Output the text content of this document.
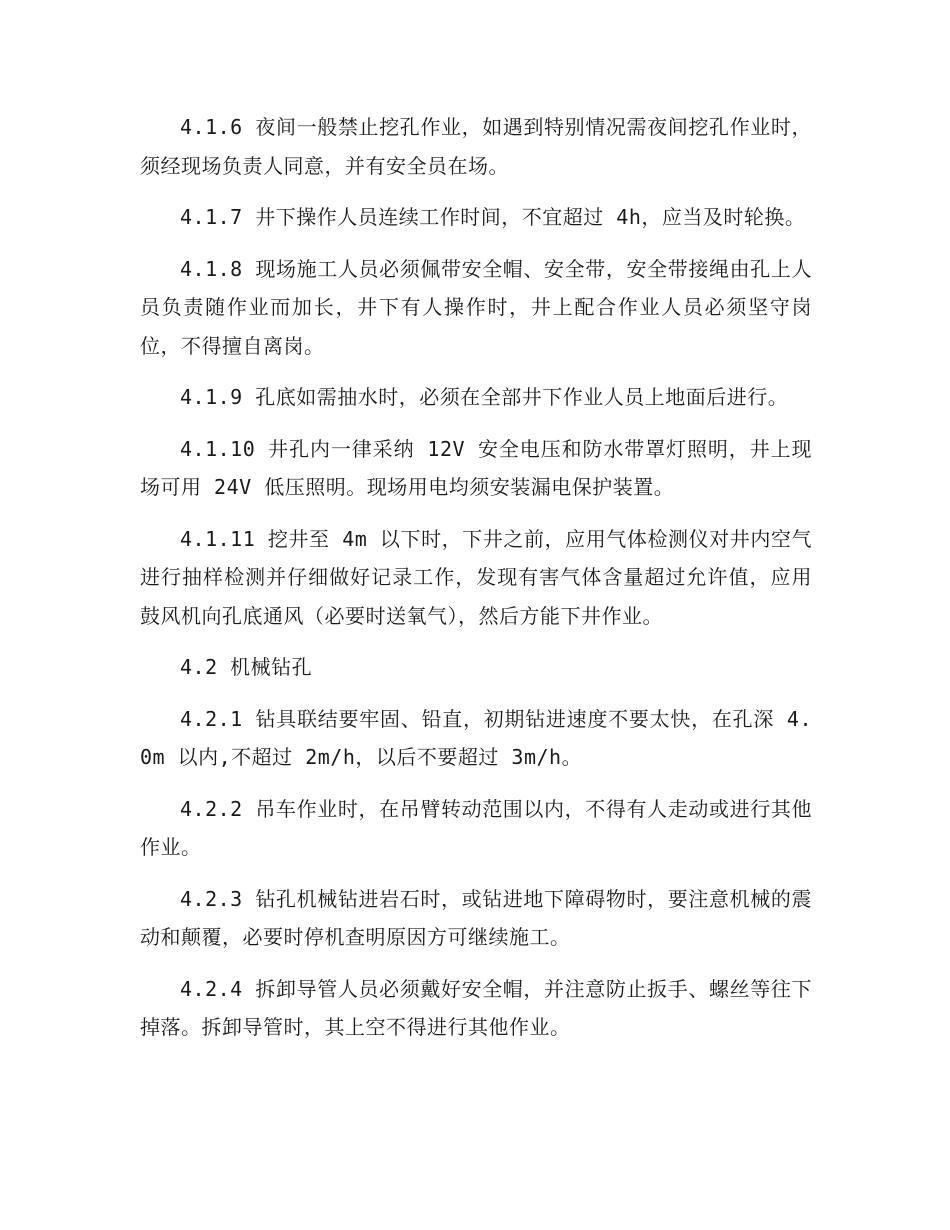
4.1.6 夜间一般禁止挖孔作业，如遇到特别情况需夜间挖孔作业时，须经现场负责人同意，并有安全员在场。

4.1.7 井下操作人员连续工作时间，不宜超过 4h，应当及时轮换。

4.1.8 现场施工人员必须佩带安全帽、安全带，安全带接绳由孔上人员负责随作业而加长，井下有人操作时，井上配合作业人员必须坚守岗位，不得擅自离岗。

4.1.9 孔底如需抽水时，必须在全部井下作业人员上地面后进行。

4.1.10 井孔内一律采纳 12V 安全电压和防水带罩灯照明，井上现场可用 24V 低压照明。现场用电均须安装漏电保护装置。

4.1.11 挖井至 4m 以下时，下井之前，应用气体检测仪对井内空气进行抽样检测并仔细做好记录工作，发现有害气体含量超过允许值，应用鼓风机向孔底通风（必要时送氧气），然后方能下井作业。

4.2 机械钻孔

4.2.1 钻具联结要牢固、铅直，初期钻进速度不要太快，在孔深 4.0m 以内,不超过 2m/h，以后不要超过 3m/h。

4.2.2 吊车作业时，在吊臂转动范围以内，不得有人走动或进行其他作业。

4.2.3 钻孔机械钻进岩石时，或钻进地下障碍物时，要注意机械的震动和颠覆，必要时停机查明原因方可继续施工。

4.2.4 拆卸导管人员必须戴好安全帽，并注意防止扳手、螺丝等往下掉落。拆卸导管时，其上空不得进行其他作业。
